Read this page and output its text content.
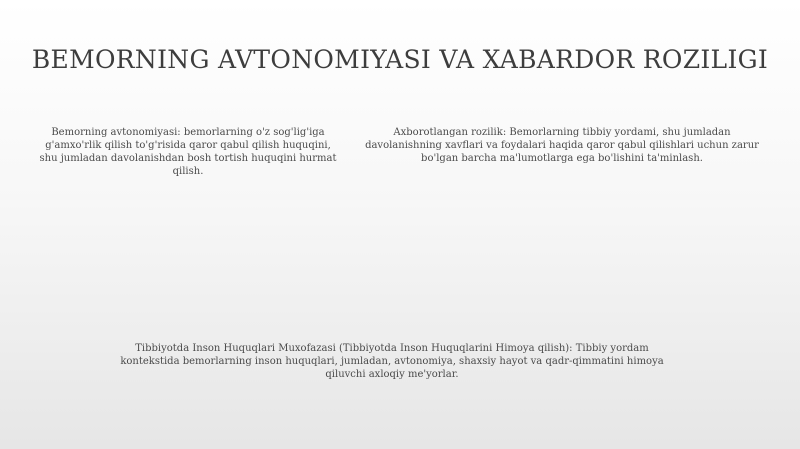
BEMORNING AVTONOMIYASI VA XABARDOR ROZILIGI

Bemorning avtonomiyasi: bemorlarning o'z sog'lig'iga g'amxo'rlik qilish to'g'risida qaror qabul qilish huquqini, shu jumladan davolanishdan bosh tortish huquqini hurmat qilish.

Axborotlangan rozilik: Bemorlarning tibbiy yordami, shu jumladan davolanishning xavflari va foydalari haqida qaror qabul qilishlari uchun zarur bo'lgan barcha ma'lumotlarga ega bo'lishini ta'minlash.

Tibbiyotda Inson Huquqlari Muxofazasi (Tibbiyotda Inson Huquqlarini Himoya qilish): Tibbiy yordam kontekstida bemorlarning inson huquqlari, jumladan, avtonomiya, shaxsiy hayot va qadr-qimmatini himoya qiluvchi axloqiy me'yorlar.
